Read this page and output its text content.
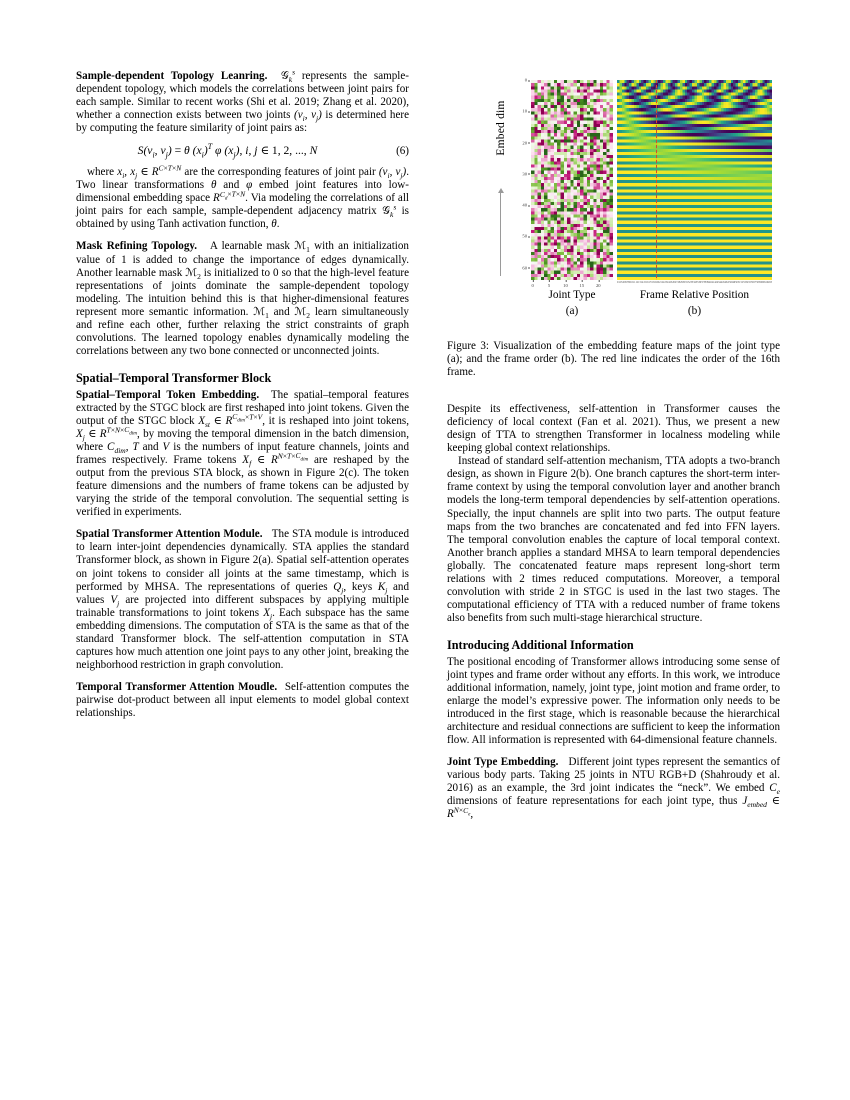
Sample-dependent Topology Leanring. 𝒢$_k^s$ represents the sample-dependent topology, which models the correlations between joint pairs for each sample. Similar to recent works (Shi et al. 2019; Zhang et al. 2020), whether a connection exists between two joints ($v_i$, $v_j$) is determined here by computing the feature similarity of joint pairs as:

$S(v_i$, $v_j) = \theta$ $(x_i)^T$ φ $(x_j)$, i, j ∈ 1, 2, ..., N	(6)

where $x_i$, $x_j$ ∈ $R^{C\times T\times N}$ are the corresponding features of joint pair ($v_i$, $v_j$). Two linear transformations θ and φ embed joint features into low-dimensional embedding space $R^{C_d\times T\times N}$. Via modeling the correlations of all joint pairs for each sample, sample-dependent adjacency matrix 𝒢$_k^s$ is obtained by using Tanh activation function, θ.

Mask Refining Topology. A learnable mask ℳ$_1$ with an initialization value of 1 is added to change the importance of edges dynamically. Another learnable mask ℳ$_2$ is initialized to 0 so that the high-level feature representations of joints dominate the sample-dependent topology modeling. The intuition behind this is that higher-dimensional features represent more semantic information. ℳ$_1$ and ℳ$_2$ learn simultaneously and refine each other, further relaxing the strict constraints of graph convolutions. The learned topology enables dynamically modeling the correlations between any two bone connected or unconnected joints.

Spatial–Temporal Transformer Block

Spatial–Temporal Token Embedding. The spatial–temporal features extracted by the STGC block are first reshaped into joint tokens. Given the output of the STGC block $X_{st}$ ∈ $R^{C_{dim}\times T\times V}$, it is reshaped into joint tokens, $X_j$ ∈ $R^{T\times N\times C_{dim}}$, by moving the temporal dimension in the batch dimension, where $C_{dim}$, T and V is the numbers of input feature channels, joints and frames respectively. Frame tokens $X_f$ ∈ $R^{N\times T\times C_{dim}}$ are reshaped by the output from the previous STA block, as shown in Figure 2(c). The token feature dimensions and the numbers of frame tokens can be adjusted by varying the stride of the temporal convolution. The sequential setting is verified in experiments.

Spatial Transformer Attention Module. The STA module is introduced to learn inter-joint dependencies dynamically. STA applies the standard Transformer block, as shown in Figure 2(a). Spatial self-attention operates on joint tokens to consider all joints at the same timestamp, which is performed by MHSA. The representations of queries $Q_j$, keys $K_j$ and values $V_j$ are projected into different subspaces by applying multiple trainable transformations to joint tokens $X_j$. Each subspace has the same embedding dimensions. The computation of STA is the same as that of the standard Transformer block. The self-attention computation in STA captures how much attention one joint pays to any other joint, breaking the neighborhood restriction in graph convolution.

Temporal Transformer Attention Moudle. Self-attention computes the pairwise dot-product between all input elements to model global context relationships.

Embed dim
0
10
20
30
40
50
60
0	5	10	15	20
0 1 2 3 4 5 6 7 8 9 10 11 12 13 14 15 16 17 18 19 20 21 22 23 24 25 26 27 28 29 30 31 32 33 34 35 36 37 38 39 40 41 42 43 44 45 46 47 48 49 50 51 52 53 54 55 56 57 58 59 60 61 62 63
Joint Type	Frame Relative Position
(a)	(b)

Figure 3: Visualization of the embedding feature maps of the joint type (a); and the frame order (b). The red line indicates the order of the 16th frame.

Despite its effectiveness, self-attention in Transformer causes the deficiency of local context (Fan et al. 2021). Thus, we present a new design of TTA to strengthen Transformer in localness modeling while keeping global context relationships.

Instead of standard self-attention mechanism, TTA adopts a two-branch design, as shown in Figure 2(b). One branch captures the short-term inter-frame context by using the temporal convolution layer and another branch models the long-term temporal dependencies by self-attention operations. Specially, the input channels are split into two parts. The output feature maps from the two branches are concatenated and fed into FFN layers. The temporal convolution enables the capture of local temporal context. Another branch applies a standard MHSA to learn temporal dependencies globally. The concatenated feature maps represent long-short term relations with 2 times reduced computations. Moreover, a temporal convolution with stride 2 in STGC is used in the last two stages. The computational efficiency of TTA with a reduced number of frame tokens also benefits from such multi-stage hierarchical structure.

Introducing Additional Information

The positional encoding of Transformer allows introducing some sense of joint types and frame order without any efforts. In this work, we introduce additional information, namely, joint type, joint motion and frame order, to enlarge the model’s expressive power. The information only needs to be introduced in the first stage, which is reasonable because the hierarchical architecture and residual connections are sufficient to keep the information flow. All information is represented with 64-dimensional feature channels.

Joint Type Embedding. Different joint types represent the semantics of various body parts. Taking 25 joints in NTU RGB+D (Shahroudy et al. 2016) as an example, the 3rd joint indicates the “neck”. We embed $C_e$ dimensions of feature representations for each joint type, thus $J_{embed}$ ∈ $R^{N\times C_e}$,
